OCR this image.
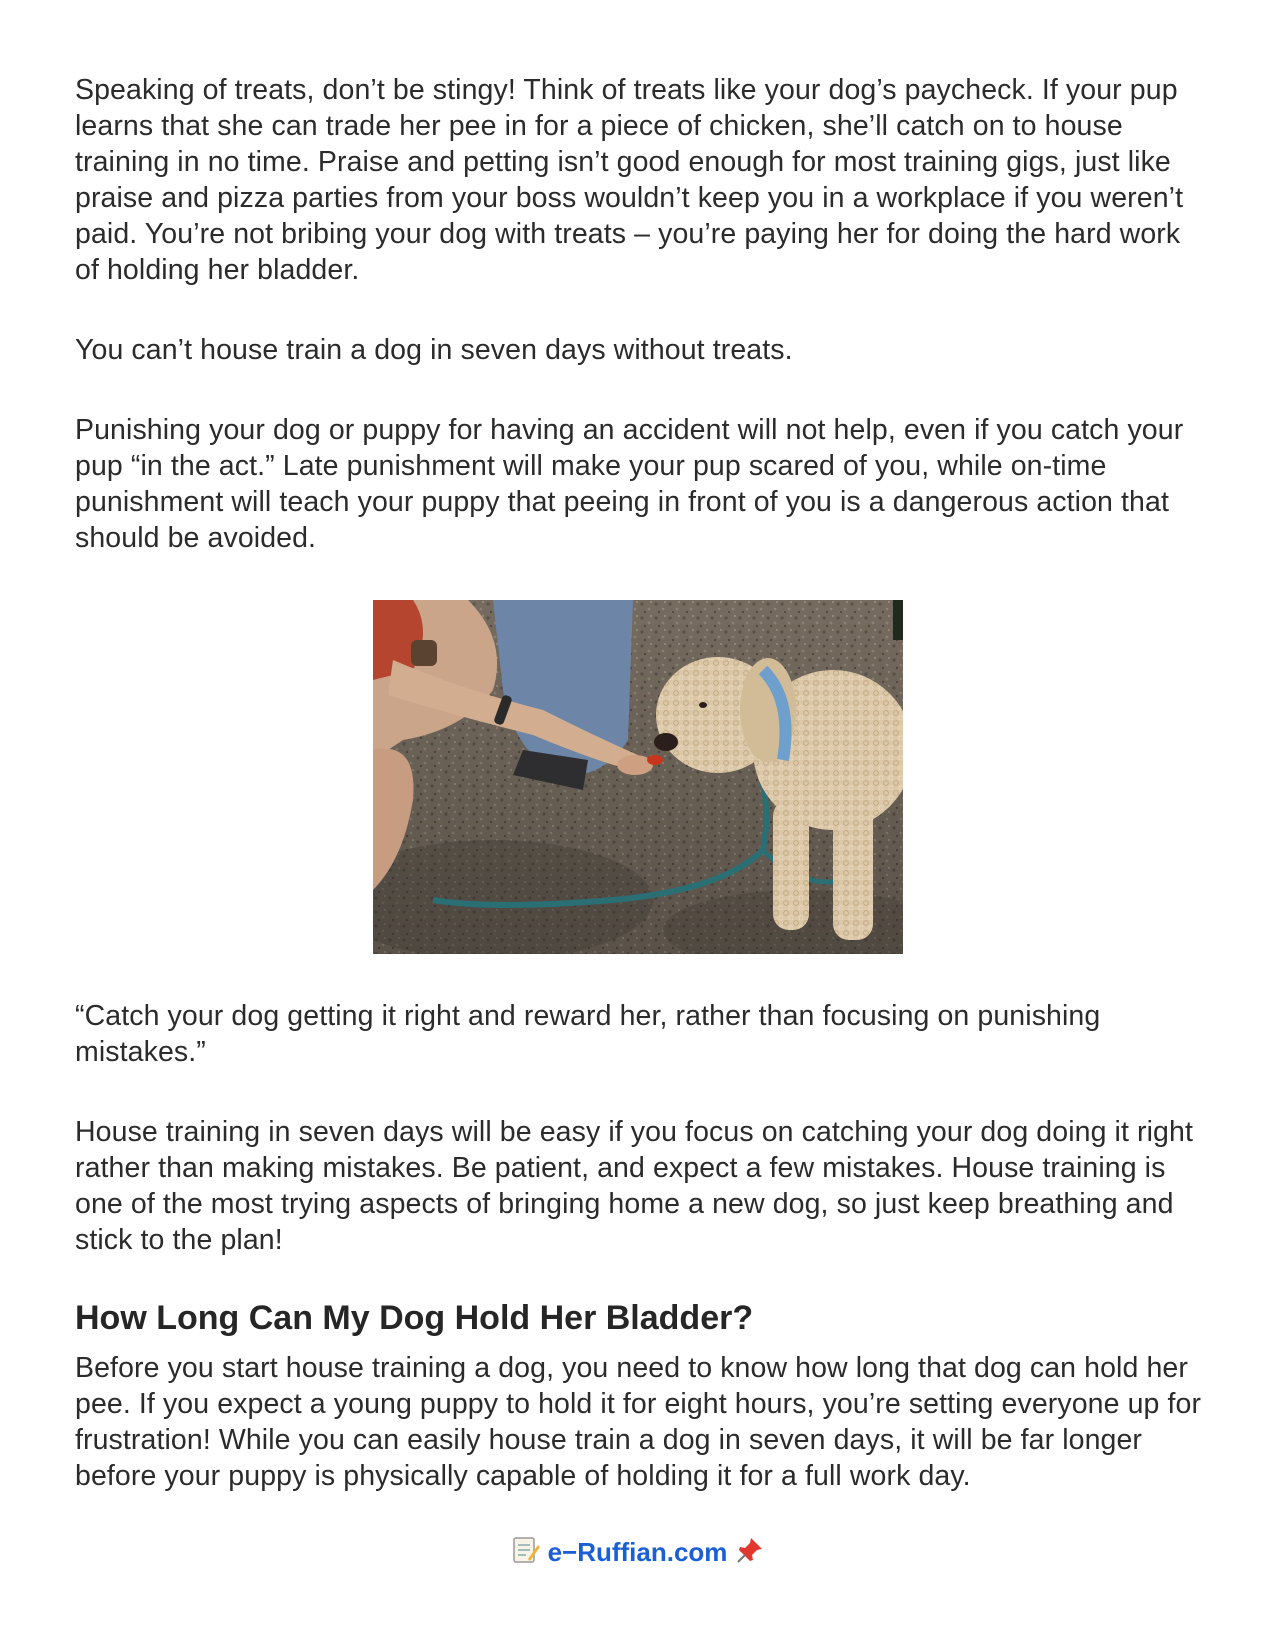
Speaking of treats, don’t be stingy! Think of treats like your dog’s paycheck. If your pup learns that she can trade her pee in for a piece of chicken, she’ll catch on to house training in no time. Praise and petting isn’t good enough for most training gigs, just like praise and pizza parties from your boss wouldn’t keep you in a workplace if you weren’t paid. You’re not bribing your dog with treats – you’re paying her for doing the hard work of holding her bladder.

You can’t house train a dog in seven days without treats.

Punishing your dog or puppy for having an accident will not help, even if you catch your pup “in the act.” Late punishment will make your pup scared of you, while on-time punishment will teach your puppy that peeing in front of you is a dangerous action that should be avoided.

“Catch your dog getting it right and reward her, rather than focusing on punishing mistakes.”

House training in seven days will be easy if you focus on catching your dog doing it right rather than making mistakes. Be patient, and expect a few mistakes. House training is one of the most trying aspects of bringing home a new dog, so just keep breathing and stick to the plan!

How Long Can My Dog Hold Her Bladder?

Before you start house training a dog, you need to know how long that dog can hold her pee. If you expect a young puppy to hold it for eight hours, you’re setting everyone up for frustration! While you can easily house train a dog in seven days, it will be far longer before your puppy is physically capable of holding it for a full work day.

e−Ruffian.com
